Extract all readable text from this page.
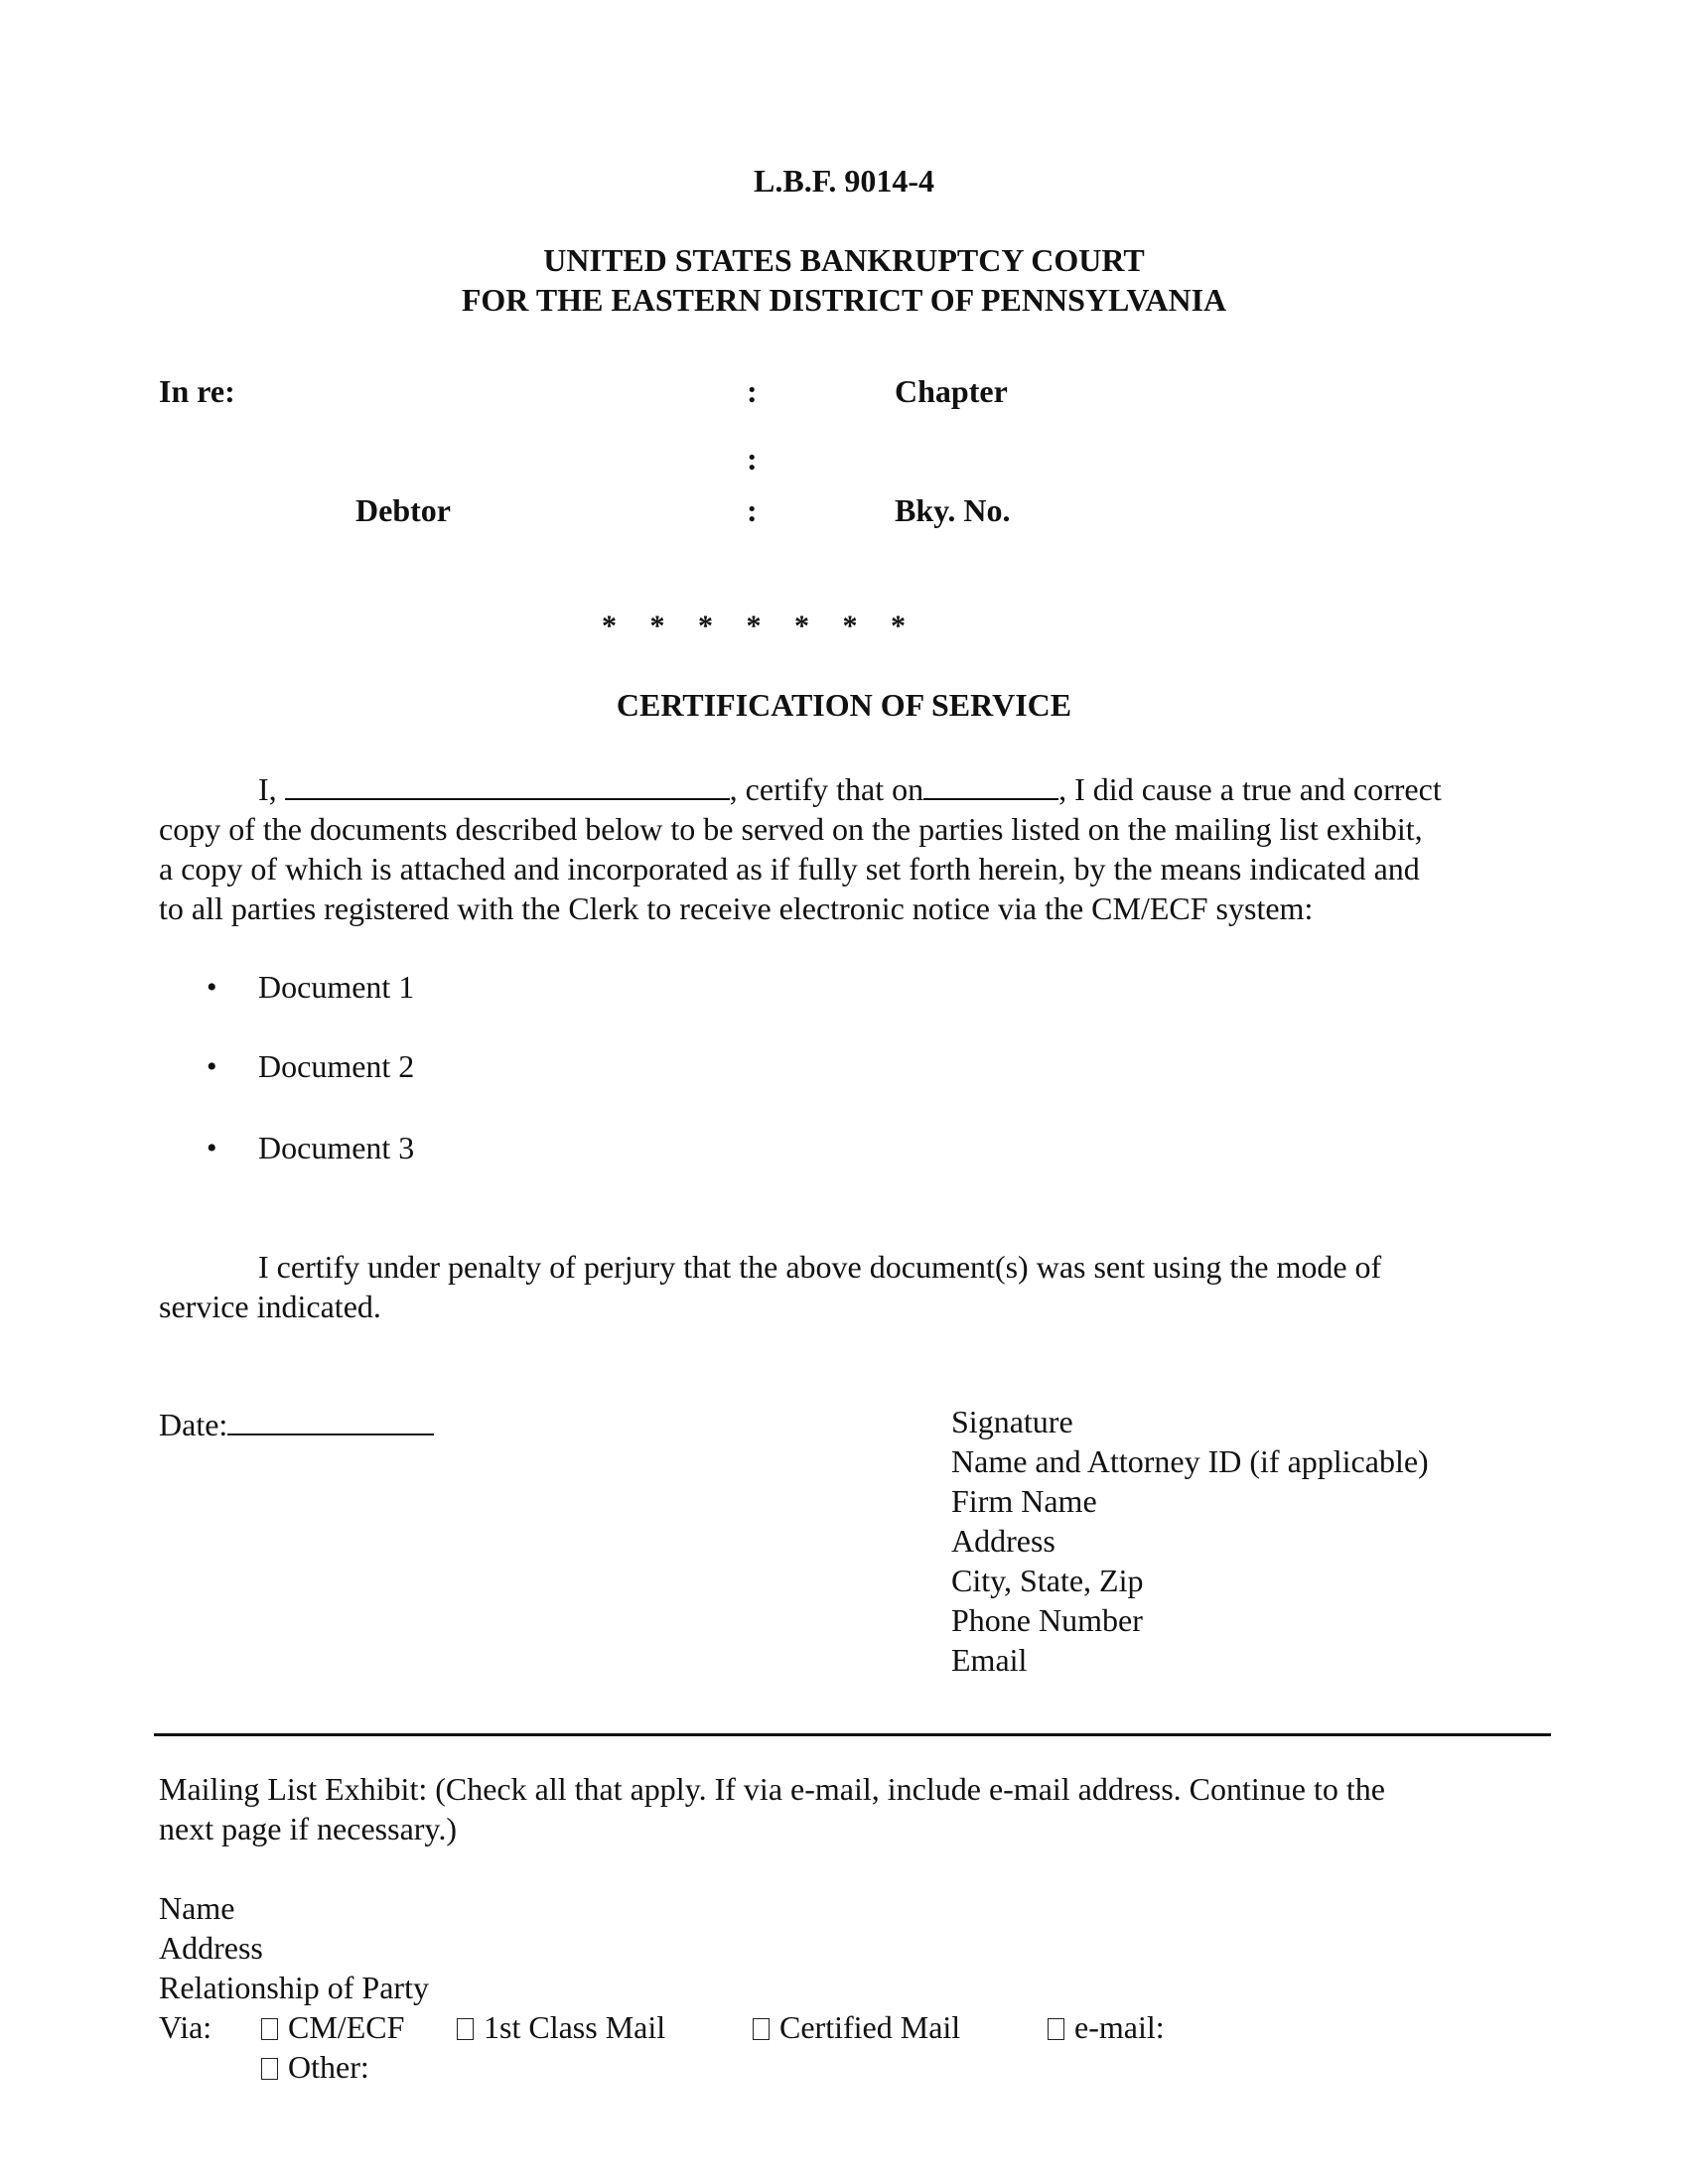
L.B.F. 9014-4
UNITED STATES BANKRUPTCY COURT
FOR THE EASTERN DISTRICT OF PENNSYLVANIA
In re:	:	Chapter
:
Debtor	:	Bky. No.
* * * * * * *
CERTIFICATION OF SERVICE
I,	, certify that on	, I did cause a true and correct
copy of the documents described below to be served on the parties listed on the mailing list exhibit,
a copy of which is attached and incorporated as if fully set forth herein, by the means indicated and
to all parties registered with the Clerk to receive electronic notice via the CM/ECF system:
• Document 1
• Document 2
• Document 3
I certify under penalty of perjury that the above document(s) was sent using the mode of
service indicated.
Date:	Signature
Name and Attorney ID (if applicable)
Firm Name
Address
City, State, Zip
Phone Number
Email
Mailing List Exhibit: (Check all that apply. If via e-mail, include e-mail address. Continue to the
next page if necessary.)
Name
Address
Relationship of Party
Via:	CM/ECF	1st Class Mail	Certified Mail	e-mail:
Other:
